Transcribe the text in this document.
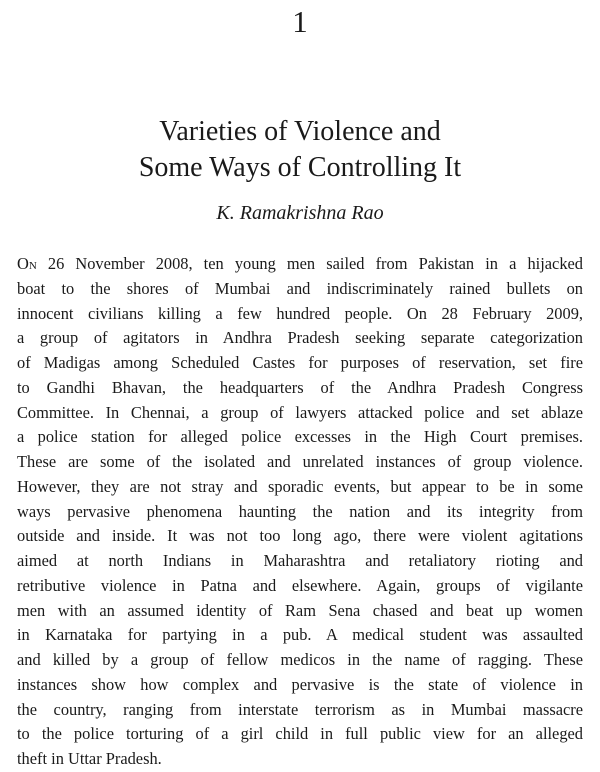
1
Varieties of Violence and
Some Ways of Controlling It
K. Ramakrishna Rao
On 26 November 2008, ten young men sailed from Pakistan in a hijacked
boat to the shores of Mumbai and indiscriminately rained bullets on
innocent civilians killing a few hundred people. On 28 February 2009,
a group of agitators in Andhra Pradesh seeking separate categorization
of Madigas among Scheduled Castes for purposes of reservation, set fire
to Gandhi Bhavan, the headquarters of the Andhra Pradesh Congress
Committee. In Chennai, a group of lawyers attacked police and set ablaze
a police station for alleged police excesses in the High Court premises.
These are some of the isolated and unrelated instances of group violence.
However, they are not stray and sporadic events, but appear to be in some
ways pervasive phenomena haunting the nation and its integrity from
outside and inside. It was not too long ago, there were violent agitations
aimed at north Indians in Maharashtra and retaliatory rioting and
retributive violence in Patna and elsewhere. Again, groups of vigilante
men with an assumed identity of Ram Sena chased and beat up women
in Karnataka for partying in a pub. A medical student was assaulted
and killed by a group of fellow medicos in the name of ragging. These
instances show how complex and pervasive is the state of violence in
the country, ranging from interstate terrorism as in Mumbai massacre
to the police torturing of a girl child in full public view for an alleged
theft in Uttar Pradesh.
